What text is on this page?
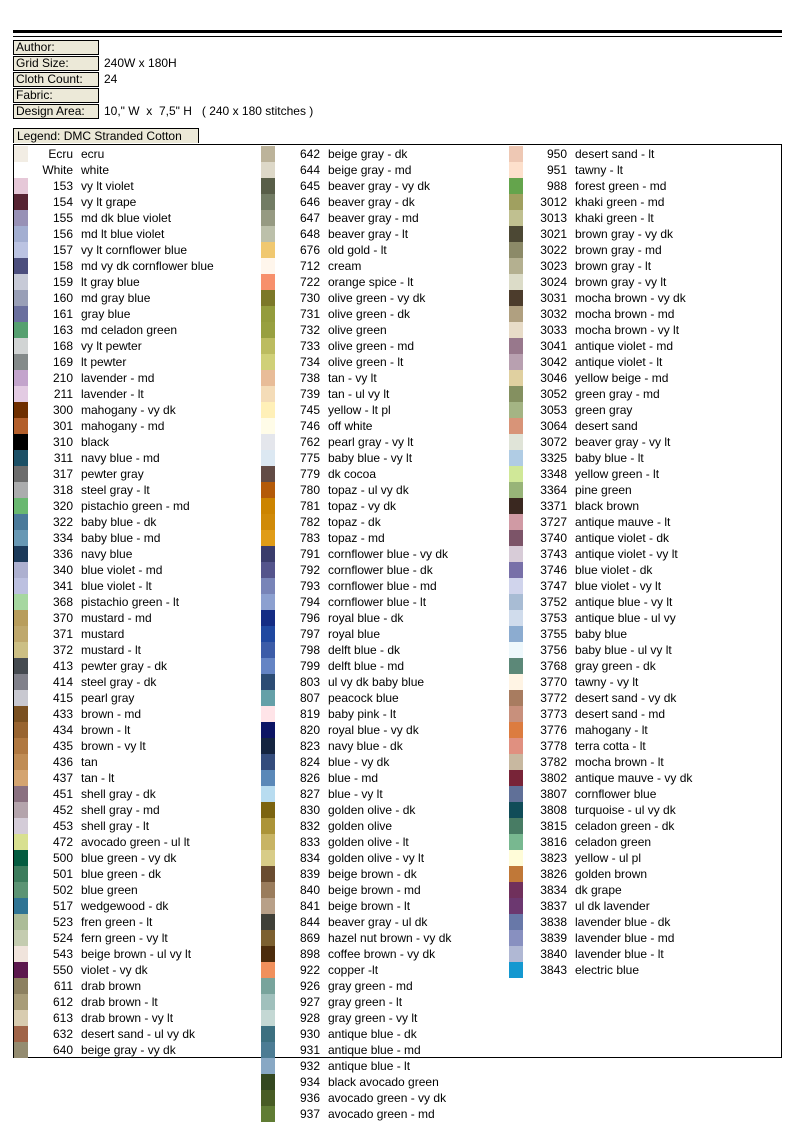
Author:
Grid Size:	240W x 180H
Cloth Count:	24
Fabric:
Design Area:	10," W  x  7,5" H   ( 240 x 180 stitches )
Legend: DMC Stranded Cotton
Ecru ecru
White white
153 vy lt violet
154 vy lt grape
155 md dk blue violet
156 md lt blue violet
157 vy lt cornflower blue
158 md vy dk cornflower blue
159 lt gray blue
160 md gray blue
161 gray blue
163 md celadon green
168 vy lt pewter
169 lt pewter
210 lavender - md
211 lavender - lt
300 mahogany - vy dk
301 mahogany - md
310 black
311 navy blue - md
317 pewter gray
318 steel gray - lt
320 pistachio green - md
322 baby blue - dk
334 baby blue - md
336 navy blue
340 blue violet - md
341 blue violet - lt
368 pistachio green - lt
370 mustard - md
371 mustard
372 mustard - lt
413 pewter gray - dk
414 steel gray - dk
415 pearl gray
433 brown - md
434 brown - lt
435 brown - vy lt
436 tan
437 tan - lt
451 shell gray - dk
452 shell gray - md
453 shell gray - lt
472 avocado green - ul lt
500 blue green - vy dk
501 blue green - dk
502 blue green
517 wedgewood - dk
523 fren green - lt
524 fern green - vy lt
543 beige brown - ul vy lt
550 violet - vy dk
611 drab brown
612 drab brown - lt
613 drab brown - vy lt
632 desert sand - ul vy dk
640 beige gray - vy dk
642 beige gray - dk
644 beige gray - md
645 beaver gray - vy dk
646 beaver gray - dk
647 beaver gray - md
648 beaver gray - lt
676 old gold - lt
712 cream
722 orange spice - lt
730 olive green - vy dk
731 olive green - dk
732 olive green
733 olive green - md
734 olive green - lt
738 tan - vy lt
739 tan - ul vy lt
745 yellow - lt pl
746 off white
762 pearl gray - vy lt
775 baby blue - vy lt
779 dk cocoa
780 topaz - ul vy dk
781 topaz - vy dk
782 topaz - dk
783 topaz - md
791 cornflower blue - vy dk
792 cornflower blue - dk
793 cornflower blue - md
794 cornflower blue - lt
796 royal blue - dk
797 royal blue
798 delft blue - dk
799 delft blue - md
803 ul vy dk baby blue
807 peacock blue
819 baby pink - lt
820 royal blue - vy dk
823 navy blue - dk
824 blue - vy dk
826 blue - md
827 blue - vy lt
830 golden olive - dk
832 golden olive
833 golden olive - lt
834 golden olive - vy lt
839 beige brown - dk
840 beige brown - md
841 beige brown - lt
844 beaver gray - ul dk
869 hazel nut brown - vy dk
898 coffee brown - vy dk
922 copper -lt
926 gray green - md
927 gray green - lt
928 gray green - vy lt
930 antique blue - dk
931 antique blue - md
932 antique blue - lt
934 black avocado green
936 avocado green - vy dk
937 avocado green - md
950 desert sand - lt
951 tawny - lt
988 forest green - md
3012 khaki green - md
3013 khaki green - lt
3021 brown gray - vy dk
3022 brown gray - md
3023 brown gray - lt
3024 brown gray - vy lt
3031 mocha brown - vy dk
3032 mocha brown - md
3033 mocha brown - vy lt
3041 antique violet - md
3042 antique violet - lt
3046 yellow beige - md
3052 green gray - md
3053 green gray
3064 desert sand
3072 beaver gray - vy lt
3325 baby blue - lt
3348 yellow green - lt
3364 pine green
3371 black brown
3727 antique mauve - lt
3740 antique violet - dk
3743 antique violet - vy lt
3746 blue violet - dk
3747 blue violet - vy lt
3752 antique blue - vy lt
3753 antique blue - ul vy
3755 baby blue
3756 baby blue - ul vy lt
3768 gray green - dk
3770 tawny - vy lt
3772 desert sand - vy dk
3773 desert sand - md
3776 mahogany - lt
3778 terra cotta - lt
3782 mocha brown - lt
3802 antique mauve - vy dk
3807 cornflower blue
3808 turquoise - ul vy dk
3815 celadon green - dk
3816 celadon green
3823 yellow - ul pl
3826 golden brown
3834 dk grape
3837 ul dk lavender
3838 lavender blue - dk
3839 lavender blue - md
3840 lavender blue - lt
3843 electric blue
